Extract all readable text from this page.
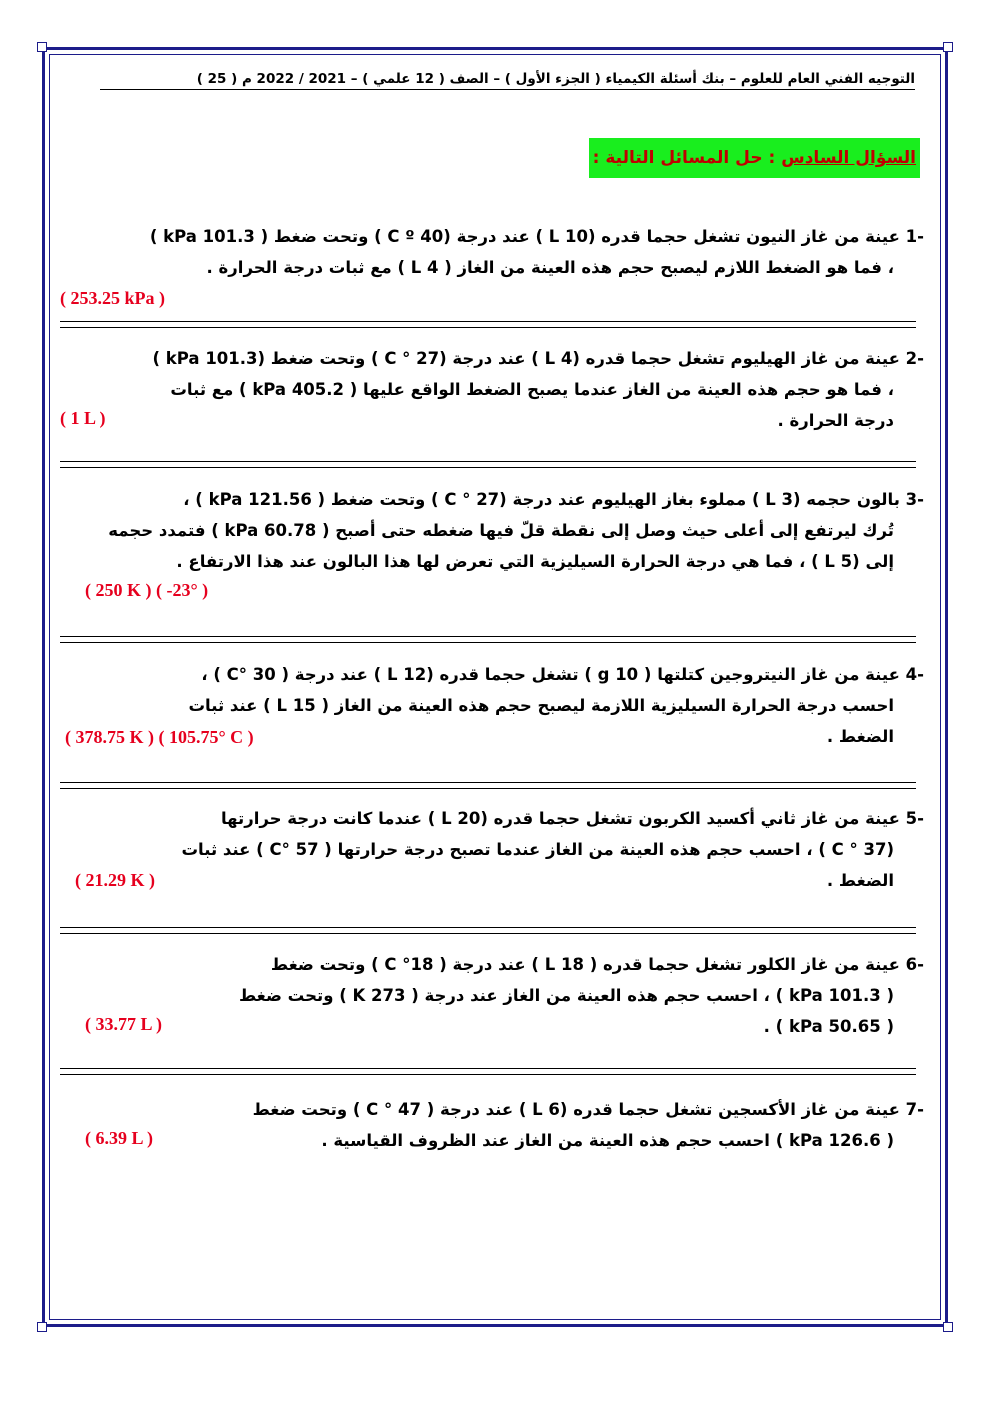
التوجيه الفني العام للعلوم – بنك أسئلة الكيمياء ( الجزء الأول ) – الصف ( 12 علمي ) – 2021 / 2022 م ( 25 )
السؤال السادس : حل المسائل التالية :
-1 عينة من غاز النيون تشغل حجما قدره (L 10 ) عند درجة (C º 40 ) وتحت ضغط ( 101.3 kPa )
، فما هو الضغط اللازم ليصبح حجم هذه العينة من الغاز ( L 4 ) مع ثبات درجة الحرارة .
( 253.25 kPa )
-2 عينة من غاز الهيليوم تشغل حجما قدره (L 4 ) عند درجة (C ° 27 ) وتحت ضغط (101.3 kPa )
، فما هو حجم هذه العينة من الغاز عندما يصبح الضغط الواقع عليها ( 405.2 kPa ) مع ثبات
درجة الحرارة .
( 1 L )
-3 بالون حجمه (L 3 ) مملوء بغاز الهيليوم عند درجة (C ° 27 ) وتحت ضغط ( 121.56 kPa ) ،
تُرك ليرتفع إلى أعلى حيث وصل إلى نقطة قلّ فيها ضغطه حتى أصبح ( 60.78 kPa ) فتمدد حجمه
إلى (L 5 ) ، فما هي درجة الحرارة السيليزية التي تعرض لها هذا البالون عند هذا الارتفاع .
( 250 K ) ( -23° )
-4 عينة من غاز النيتروجين كتلتها ( g 10 ) تشغل حجما قدره (L 12 ) عند درجة ( C° 30 ) ،
احسب درجة الحرارة السيليزية اللازمة ليصبح حجم هذه العينة من الغاز ( L 15 ) عند ثبات
الضغط .
( 378.75 K ) ( 105.75° C )
-5 عينة من غاز ثاني أكسيد الكربون تشغل حجما قدره (L 20 ) عندما كانت درجة حرارتها
(C ° 37 ) ، احسب حجم هذه العينة من الغاز عندما تصبح درجة حرارتها ( C° 57 ) عند ثبات
الضغط .
( 21.29 K )
-6 عينة من غاز الكلور تشغل حجما قدره ( L 18 ) عند درجة ( C °18 ) وتحت ضغط
( 101.3 kPa ) ، احسب حجم هذه العينة من الغاز عند درجة ( K 273 ) وتحت ضغط
( 50.65 kPa ) .
( 33.77 L )
-7 عينة من غاز الأكسجين تشغل حجما قدره (L 6 ) عند درجة ( C ° 47 ) وتحت ضغط
( 126.6 kPa ) احسب حجم هذه العينة من الغاز عند الظروف القياسية .
( 6.39 L )
